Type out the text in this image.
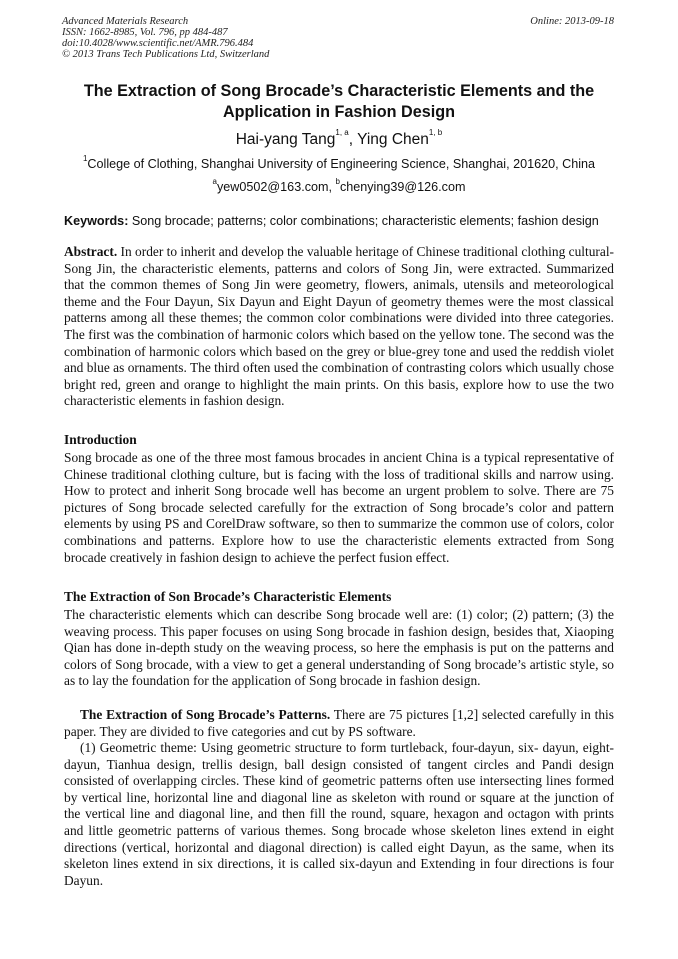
Advanced Materials Research
ISSN: 1662-8985, Vol. 796, pp 484-487
doi:10.4028/www.scientific.net/AMR.796.484
© 2013 Trans Tech Publications Ltd, Switzerland
Online: 2013-09-18
The Extraction of Song Brocade’s Characteristic Elements and the
Application in Fashion Design
Hai-yang Tang$^{1, a}$, Ying Chen$^{1, b}$
$^1$College of Clothing, Shanghai University of Engineering Science, Shanghai, 201620, China
$^a$yew0502@163.com, $^b$chenying39@126.com
Keywords: Song brocade; patterns; color combinations; characteristic elements; fashion design

Abstract. In order to inherit and develop the valuable heritage of Chinese traditional clothing cultural-Song Jin, the characteristic elements, patterns and colors of Song Jin, were extracted. Summarized that the common themes of Song Jin were geometry, flowers, animals, utensils and meteorological theme and the Four Dayun, Six Dayun and Eight Dayun of geometry themes were the most classical patterns among all these themes; the common color combinations were divided into three categories. The first was the combination of harmonic colors which based on the yellow tone. The second was the combination of harmonic colors which based on the grey or blue-grey tone and used the reddish violet and blue as ornaments. The third often used the combination of contrasting colors which usually chose bright red, green and orange to highlight the main prints. On this basis, explore how to use the two characteristic elements in fashion design.

Introduction

Song brocade as one of the three most famous brocades in ancient China is a typical representative of Chinese traditional clothing culture, but is facing with the loss of traditional skills and narrow using. How to protect and inherit Song brocade well has become an urgent problem to solve. There are 75 pictures of Song brocade selected carefully for the extraction of Song brocade’s color and pattern elements by using PS and CorelDraw software, so then to summarize the common use of colors, color combinations and patterns. Explore how to use the characteristic elements extracted from Song brocade creatively in fashion design to achieve the perfect fusion effect.

The Extraction of Son Brocade’s Characteristic Elements

The characteristic elements which can describe Song brocade well are: (1) color; (2) pattern; (3) the weaving process. This paper focuses on using Song brocade in fashion design, besides that, Xiaoping Qian has done in-depth study on the weaving process, so here the emphasis is put on the patterns and colors of Song brocade, with a view to get a general understanding of Song brocade’s artistic style, so as to lay the foundation for the application of Song brocade in fashion design.

The Extraction of Song Brocade’s Patterns. There are 75 pictures [1,2] selected carefully in this paper. They are divided to five categories and cut by PS software.

(1) Geometric theme: Using geometric structure to form turtleback, four-dayun, six- dayun, eight-dayun, Tianhua design, trellis design, ball design consisted of tangent circles and Pandi design consisted of overlapping circles. These kind of geometric patterns often use intersecting lines formed by vertical line, horizontal line and diagonal line as skeleton with round or square at the junction of the vertical line and diagonal line, and then fill the round, square, hexagon and octagon with prints and little geometric patterns of various themes. Song brocade whose skeleton lines extend in eight directions (vertical, horizontal and diagonal direction) is called eight Dayun, as the same, when its skeleton lines extend in six directions, it is called six-dayun and Extending in four directions is four Dayun.
